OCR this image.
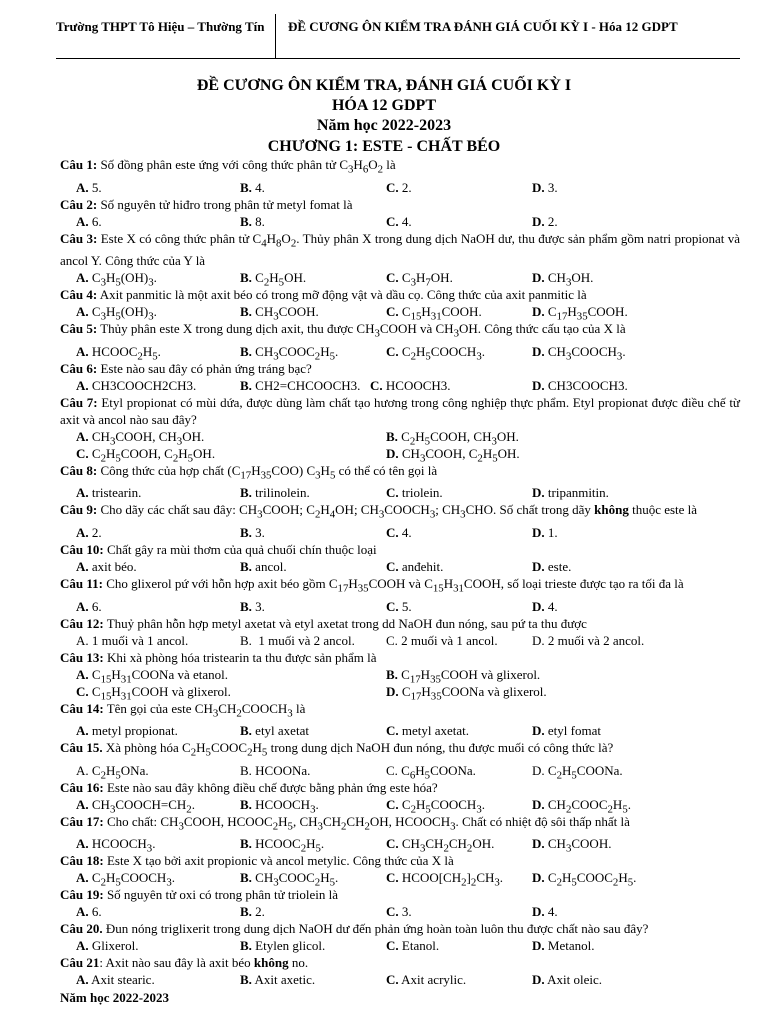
Trường THPT Tô Hiệu – Thường Tín	ĐỀ CƯƠNG ÔN KIỂM TRA ĐÁNH GIÁ CUỐI KỲ I - Hóa 12 GDPT
ĐỀ CƯƠNG ÔN KIỂM TRA, ĐÁNH GIÁ CUỐI KỲ I
HÓA 12 GDPT
Năm học 2022-2023
CHƯƠNG 1: ESTE - CHẤT BÉO
Câu 1: Số đồng phân este ứng với công thức phân tử $C_3H_6O_2$ là
A. 5.	B. 4.	C. 2.	D. 3.
Câu 2: Số nguyên tử hiđro trong phân tử metyl fomat là
A. 6.	B. 8.	C. 4.	D. 2.
Câu 3: Este X có công thức phân tử $C_4H_8O_2$. Thủy phân X trong dung dịch NaOH dư, thu được sản phẩm gồm natri propionat và ancol Y. Công thức của Y là
A. $C_3H_5(OH)_3$.	B. $C_2H_5OH$.	C. $C_3H_7OH$.	D. $CH_3OH$.
Câu 4: Axit panmitic là một axit béo có trong mỡ động vật và dầu cọ. Công thức của axit panmitic là
A. $C_3H_5(OH)_3$.	B. $CH_3COOH$.	C. $C_{15}H_{31}COOH$.	D. $C_{17}H_{35}COOH$.
Câu 5: Thủy phân este X trong dung dịch axit, thu được $CH_3COOH$ và $CH_3OH$. Công thức cấu tạo của X là
A. $HCOOC_2H_5$.	B. $CH_3COOC_2H_5$.	C. $C_2H_5COOCH_3$.	D. $CH_3COOCH_3$.
Câu 6: Este nào sau đây có phản ứng tráng bạc?
A. CH3COOCH2CH3.	B. CH2=CHCOOCH3. C. HCOOCH3.	D. CH3COOCH3.
Câu 7: Etyl propionat có mùi dứa, được dùng làm chất tạo hương trong công nghiệp thực phẩm. Etyl propionat được điều chế từ axit và ancol nào sau đây?
A. $CH_3COOH$, $CH_3OH$.	B. $C_2H_5COOH$, $CH_3OH$.
C. $C_2H_5COOH$, $C_2H_5OH$.	D. $CH_3COOH$, $C_2H_5OH$.
Câu 8: Công thức của hợp chất $(C_{17}H_{35}COO)$ $C_3H_5$ có thể có tên gọi là
A. tristearin.	B. trilinolein.	C. triolein.	D. tripanmitin.
Câu 9: Cho dãy các chất sau đây: $CH_3COOH$; $C_2H_4OH$; $CH_3COOCH_3$; $CH_3CHO$. Số chất trong dãy không thuộc este là
A. 2.	B. 3.	C. 4.	D. 1.
Câu 10: Chất gây ra mùi thơm của quả chuối chín thuộc loại
A. axit béo.	B. ancol.	C. anđehit.	D. este.
Câu 11: Cho glixerol pứ với hỗn hợp axit béo gồm $C_{17}H_{35}COOH$ và $C_{15}H_{31}COOH$, số loại trieste được tạo ra tối đa là
A. 6.	B. 3.	C. 5.	D. 4.
Câu 12: Thuỷ phân hỗn hợp metyl axetat và etyl axetat trong dd NaOH đun nóng, sau pứ ta thu được
A. 1 muối và 1 ancol.	B.  1 muối và 2 ancol. C. 2 muối và 1 ancol.	D. 2 muối và 2 ancol.
Câu 13: Khi xà phòng hóa tristearin ta thu được sản phẩm là
A. $C_{15}H_{31}COONa$ và etanol.	B. $C_{17}H_{35}COOH$ và glixerol.
C. $C_{15}H_{31}COOH$ và glixerol.	D. $C_{17}H_{35}COONa$ và glixerol.
Câu 14: Tên gọi của este $CH_3CH_2COOCH_3$ là
A. metyl propionat.	B. etyl axetat	C. metyl axetat.	D. etyl fomat
Câu 15. Xà phòng hóa $C_2H_5COOC_2H_5$ trong dung dịch NaOH đun nóng, thu được muối có công thức là?
A. $C_2H_5ONa$.	B. HCOONa.	C. $C_6H_5COONa$.	D. $C_2H_5COONa$.
Câu 16: Este nào sau đây không điều chế được bằng phản ứng este hóa?
A. $CH_3COOCH=CH_2$.	B. $HCOOCH_3$.	C. $C_2H_5COOCH_3$.	D. $CH_2COOC_2H_5$.
Câu 17: Cho chất: $CH_3COOH$, $HCOOC_2H_5$, $CH_3CH_2CH_2OH$, $HCOOCH_3$. Chất có nhiệt độ sôi thấp nhất là
A. $HCOOCH_3$.	B. $HCOOC_2H_5$.	C. $CH_3CH_2CH_2OH$.	D. $CH_3COOH$.
Câu 18: Este X tạo bởi axit propionic và ancol metylic. Công thức của X là
A. $C_2H_5COOCH_3$.	B. $CH_3COOC_2H_5$.	C. $HCOO[CH_2]_2CH_3$. D. $C_2H_5COOC_2H_5$.
Câu 19: Số nguyên tử oxi có trong phân tử triolein là
A. 6.	B. 2.	C. 3.	D. 4.
Câu 20. Đun nóng triglixerit trong dung dịch NaOH dư đến phản ứng hoàn toàn luôn thu được chất nào sau đây?
A. Glixerol.	B. Etylen glicol.	C. Etanol.	D. Metanol.
Câu 21: Axit nào sau đây là axit béo không no.
A. Axit stearic.	B. Axit axetic.	C. Axit acrylic.	D. Axit oleic.
Năm học 2022-2023
